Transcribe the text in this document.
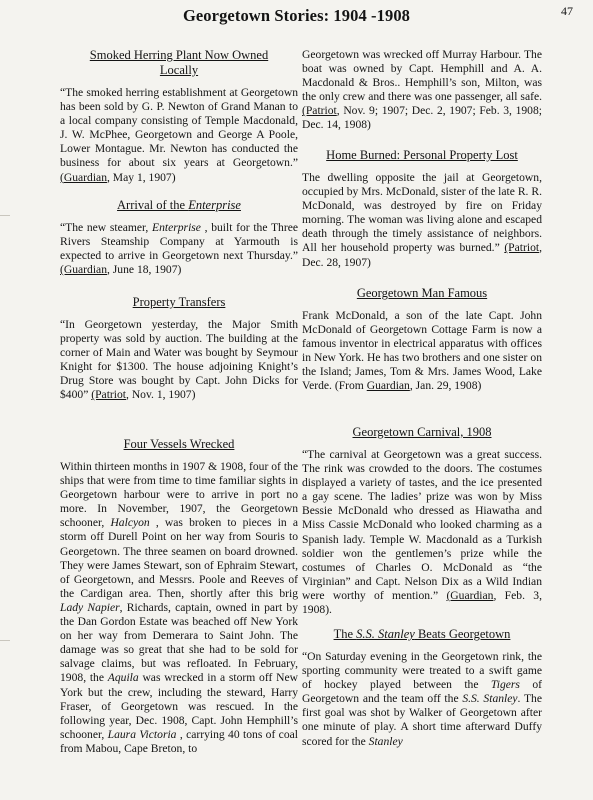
Georgetown Stories: 1904 -1908	47
Smoked Herring Plant Now Owned Locally

“The smoked herring establishment at Georgetown has been sold by G. P. Newton of Grand Manan to a local company consisting of Temple Macdonald, J. W. McPhee, Georgetown and George A Poole, Lower Montague. Mr. Newton has conducted the business for about six years at Georgetown.” (Guardian, May 1, 1907)

Arrival of the Enterprise

“The new steamer, Enterprise , built for the Three Rivers Steamship Company at Yarmouth is expected to arrive in Georgetown next Thursday.” (Guardian, June 18, 1907)

Property Transfers

“In Georgetown yesterday, the Major Smith property was sold by auction. The building at the corner of Main and Water was bought by Seymour Knight for $1300. The house adjoining Knight’s Drug Store was bought by Capt. John Dicks for $400” (Patriot, Nov. 1, 1907)

Four Vessels Wrecked

Within thirteen months in 1907 & 1908, four of the ships that were from time to time familiar sights in Georgetown harbour were to arrive in port no more. In November, 1907, the Georgetown schooner, Halcyon , was broken to pieces in a storm off Durell Point on her way from Souris to Georgetown. The three seamen on board drowned. They were James Stewart, son of Ephraim Stewart, of Georgetown, and Messrs. Poole and Reeves of the Cardigan area. Then, shortly after this brig Lady Napier, Richards, captain, owned in part by the Dan Gordon Estate was beached off New York on her way from Demerara to Saint John. The damage was so great that she had to be sold for salvage claims, but was refloated. In February, 1908, the Aquila was wrecked in a storm off New York but the crew, including the steward, Harry Fraser, of Georgetown was rescued. In the following year, Dec. 1908, Capt. John Hemphill’s schooner, Laura Victoria , carrying 40 tons of coal from Mabou, Cape Breton, to

Georgetown was wrecked off Murray Harbour. The boat was owned by Capt. Hemphill and A. A. Macdonald & Bros.. Hemphill’s son, Milton, was the only crew and there was one passenger, all safe. (Patriot, Nov. 9; 1907; Dec. 2, 1907; Feb. 3, 1908; Dec. 14, 1908)

Home Burned: Personal Property Lost

The dwelling opposite the jail at Georgetown, occupied by Mrs. McDonald, sister of the late R. R. McDonald, was destroyed by fire on Friday morning. The woman was living alone and escaped death through the timely assistance of neighbors. All her household property was burned.” (Patriot, Dec. 28, 1907)

Georgetown Man Famous

Frank McDonald, a son of the late Capt. John McDonald of Georgetown Cottage Farm is now a famous inventor in electrical apparatus with offices in New York. He has two brothers and one sister on the Island; James, Tom & Mrs. James Wood, Lake Verde. (From Guardian, Jan. 29, 1908)

Georgetown Carnival, 1908

“The carnival at Georgetown was a great success. The rink was crowded to the doors. The costumes displayed a variety of tastes, and the ice presented a gay scene. The ladies’ prize was won by Miss Bessie McDonald who dressed as Hiawatha and Miss Cassie McDonald who looked charming as a Spanish lady. Temple W. Macdonald as a Turkish soldier won the gentlemen’s prize while the costumes of Charles O. McDonald as “the Virginian” and Capt. Nelson Dix as a Wild Indian were worthy of mention.” (Guardian, Feb. 3, 1908).

The S.S. Stanley Beats Georgetown

“On Saturday evening in the Georgetown rink, the sporting community were treated to a swift game of hockey played between the Tigers of Georgetown and the team off the S.S. Stanley. The first goal was shot by Walker of Georgetown after one minute of play. A short time afterward Duffy scored for the Stanley
